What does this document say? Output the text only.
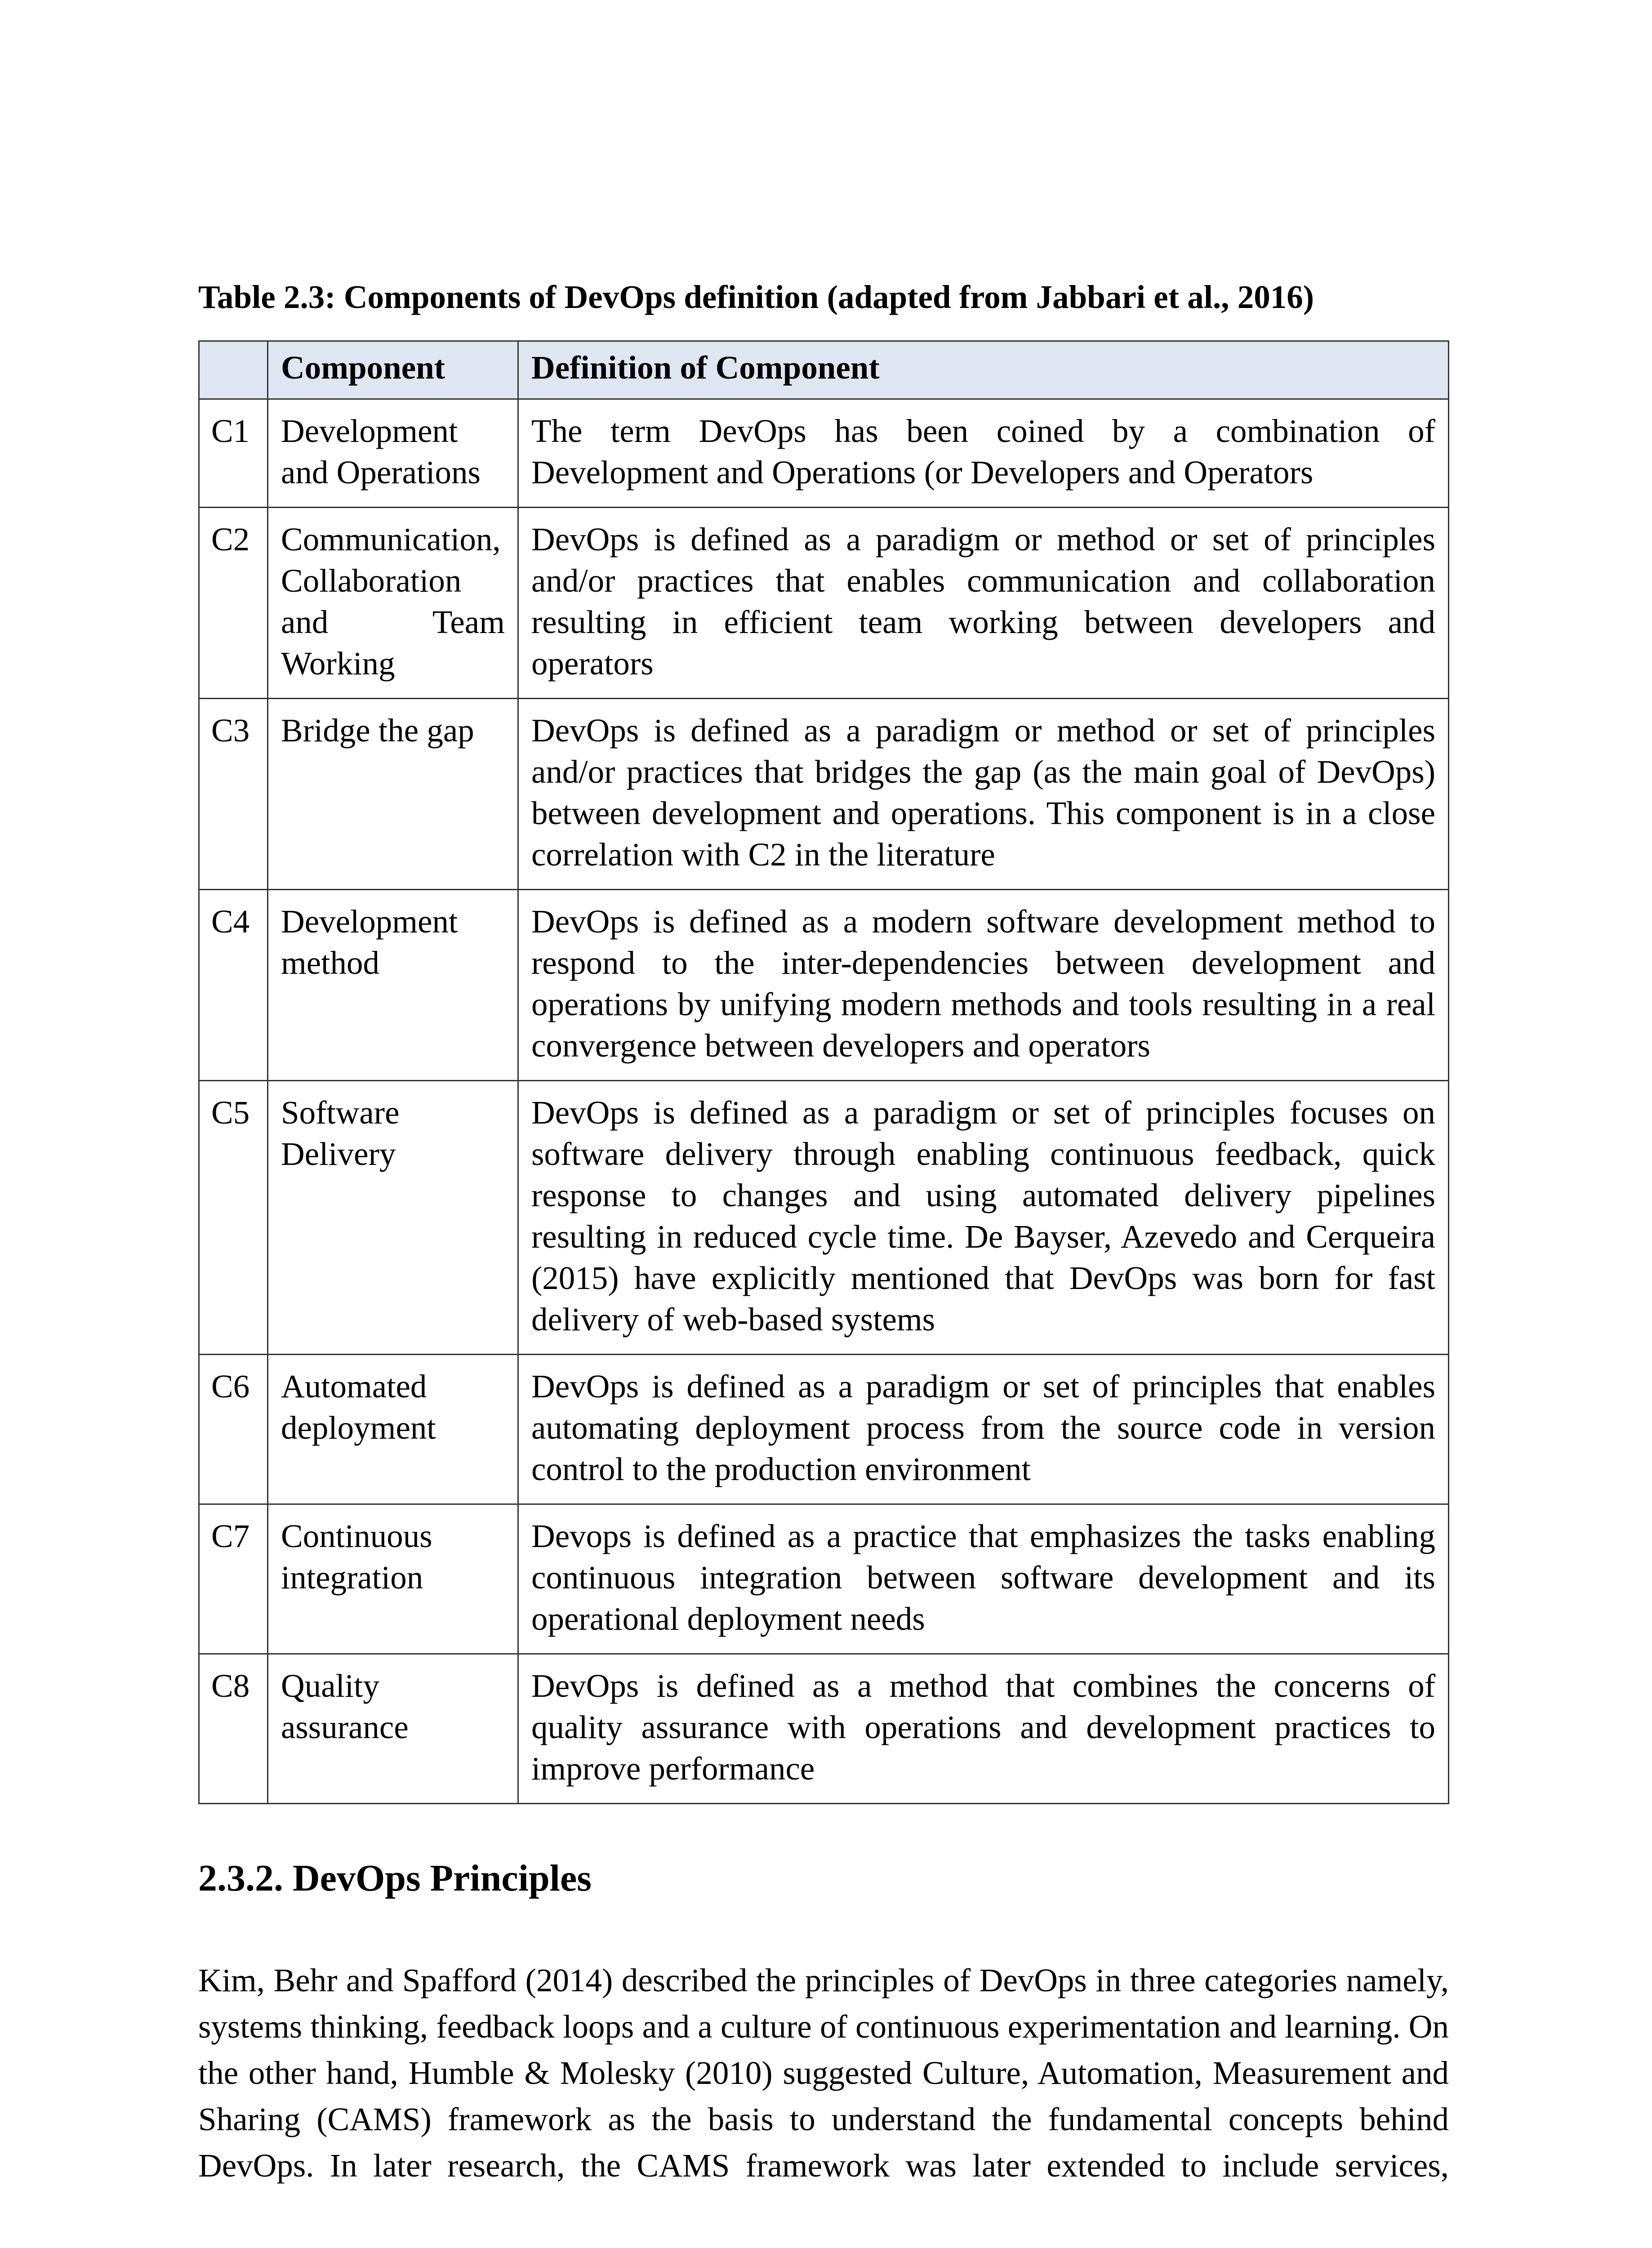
Table 2.3: Components of DevOps definition (adapted from Jabbari et al., 2016)
	Component	Definition of Component
C1	Development and Operations	The term DevOps has been coined by a combination of Development and Operations (or Developers and Operators
C2	Communication, Collaboration and Team Working	DevOps is defined as a paradigm or method or set of principles and/or practices that enables communication and collaboration resulting in efficient team working between developers and operators
C3	Bridge the gap	DevOps is defined as a paradigm or method or set of principles and/or practices that bridges the gap (as the main goal of DevOps) between development and operations. This component is in a close correlation with C2 in the literature
C4	Development method	DevOps is defined as a modern software development method to respond to the inter-dependencies between development and operations by unifying modern methods and tools resulting in a real convergence between developers and operators
C5	Software Delivery	DevOps is defined as a paradigm or set of principles focuses on software delivery through enabling continuous feedback, quick response to changes and using automated delivery pipelines resulting in reduced cycle time. De Bayser, Azevedo and Cerqueira (2015) have explicitly mentioned that DevOps was born for fast delivery of web-based systems
C6	Automated deployment	DevOps is defined as a paradigm or set of principles that enables automating deployment process from the source code in version control to the production environment
C7	Continuous integration	Devops is defined as a practice that emphasizes the tasks enabling continuous integration between software development and its operational deployment needs
C8	Quality assurance	DevOps is defined as a method that combines the concerns of quality assurance with operations and development practices to improve performance
2.3.2. DevOps Principles
Kim, Behr and Spafford (2014) described the principles of DevOps in three categories namely, systems thinking, feedback loops and a culture of continuous experimentation and learning. On the other hand, Humble & Molesky (2010) suggested Culture, Automation, Measurement and Sharing (CAMS) framework as the basis to understand the fundamental concepts behind DevOps. In later research, the CAMS framework was later extended to include services,
